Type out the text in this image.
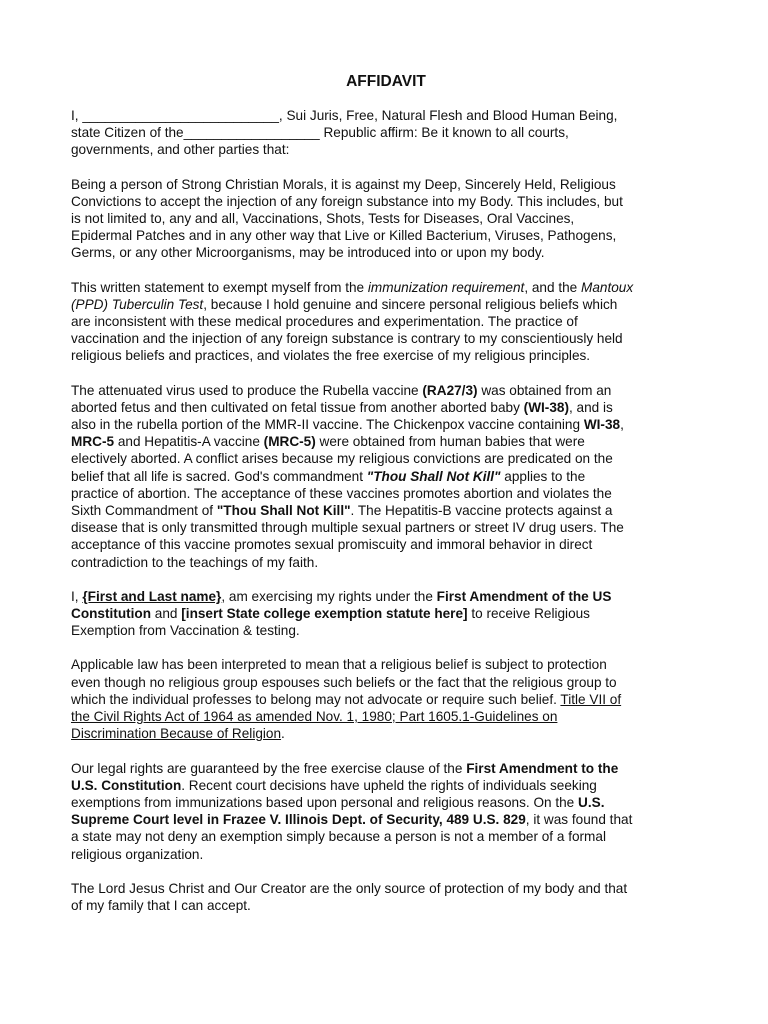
AFFIDAVIT
I, __________________________, Sui Juris, Free, Natural Flesh and Blood Human Being,
state Citizen of the__________________ Republic affirm: Be it known to all courts,
governments, and other parties that:
Being a person of Strong Christian Morals, it is against my Deep, Sincerely Held, Religious
Convictions to accept the injection of any foreign substance into my Body. This includes, but
is not limited to, any and all, Vaccinations, Shots, Tests for Diseases, Oral Vaccines,
Epidermal Patches and in any other way that Live or Killed Bacterium, Viruses, Pathogens,
Germs, or any other Microorganisms, may be introduced into or upon my body.
This written statement to exempt myself from the immunization requirement, and the Mantoux
(PPD) Tuberculin Test, because I hold genuine and sincere personal religious beliefs which
are inconsistent with these medical procedures and experimentation. The practice of
vaccination and the injection of any foreign substance is contrary to my conscientiously held
religious beliefs and practices, and violates the free exercise of my religious principles.
The attenuated virus used to produce the Rubella vaccine (RA27/3) was obtained from an
aborted fetus and then cultivated on fetal tissue from another aborted baby (WI-38), and is
also in the rubella portion of the MMR-II vaccine. The Chickenpox vaccine containing WI-38,
MRC-5 and Hepatitis-A vaccine (MRC-5) were obtained from human babies that were
electively aborted. A conflict arises because my religious convictions are predicated on the
belief that all life is sacred. God's commandment "Thou Shall Not Kill" applies to the
practice of abortion. The acceptance of these vaccines promotes abortion and violates the
Sixth Commandment of "Thou Shall Not Kill". The Hepatitis-B vaccine protects against a
disease that is only transmitted through multiple sexual partners or street IV drug users. The
acceptance of this vaccine promotes sexual promiscuity and immoral behavior in direct
contradiction to the teachings of my faith.
I, {First and Last name}, am exercising my rights under the First Amendment of the US
Constitution and [insert State college exemption statute here] to receive Religious
Exemption from Vaccination & testing.
Applicable law has been interpreted to mean that a religious belief is subject to protection
even though no religious group espouses such beliefs or the fact that the religious group to
which the individual professes to belong may not advocate or require such belief. Title VII of
the Civil Rights Act of 1964 as amended Nov. 1, 1980; Part 1605.1-Guidelines on
Discrimination Because of Religion.
Our legal rights are guaranteed by the free exercise clause of the First Amendment to the
U.S. Constitution. Recent court decisions have upheld the rights of individuals seeking
exemptions from immunizations based upon personal and religious reasons. On the U.S.
Supreme Court level in Frazee V. Illinois Dept. of Security, 489 U.S. 829, it was found that
a state may not deny an exemption simply because a person is not a member of a formal
religious organization.
The Lord Jesus Christ and Our Creator are the only source of protection of my body and that
of my family that I can accept.
